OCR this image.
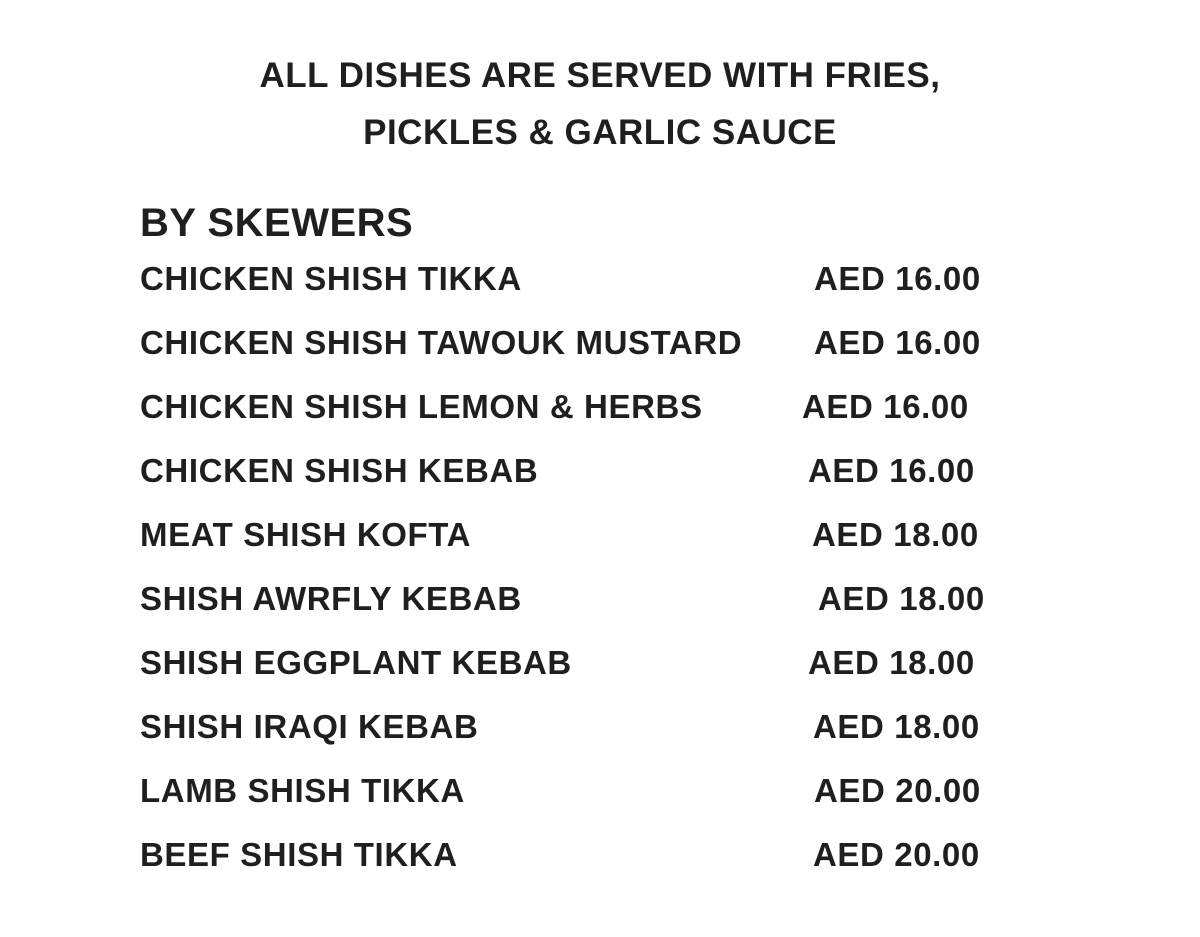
ALL DISHES ARE SERVED WITH FRIES,
PICKLES & GARLIC SAUCE
BY SKEWERS
CHICKEN SHISH TIKKA	AED 16.00
CHICKEN SHISH TAWOUK MUSTARD AED 16.00
CHICKEN SHISH LEMON & HERBS	AED 16.00
CHICKEN SHISH KEBAB	AED 16.00
MEAT SHISH KOFTA	AED 18.00
SHISH AWRFLY KEBAB	AED 18.00
SHISH EGGPLANT KEBAB	AED 18.00
SHISH IRAQI KEBAB	AED 18.00
LAMB SHISH TIKKA	AED 20.00
BEEF SHISH TIKKA	AED 20.00
